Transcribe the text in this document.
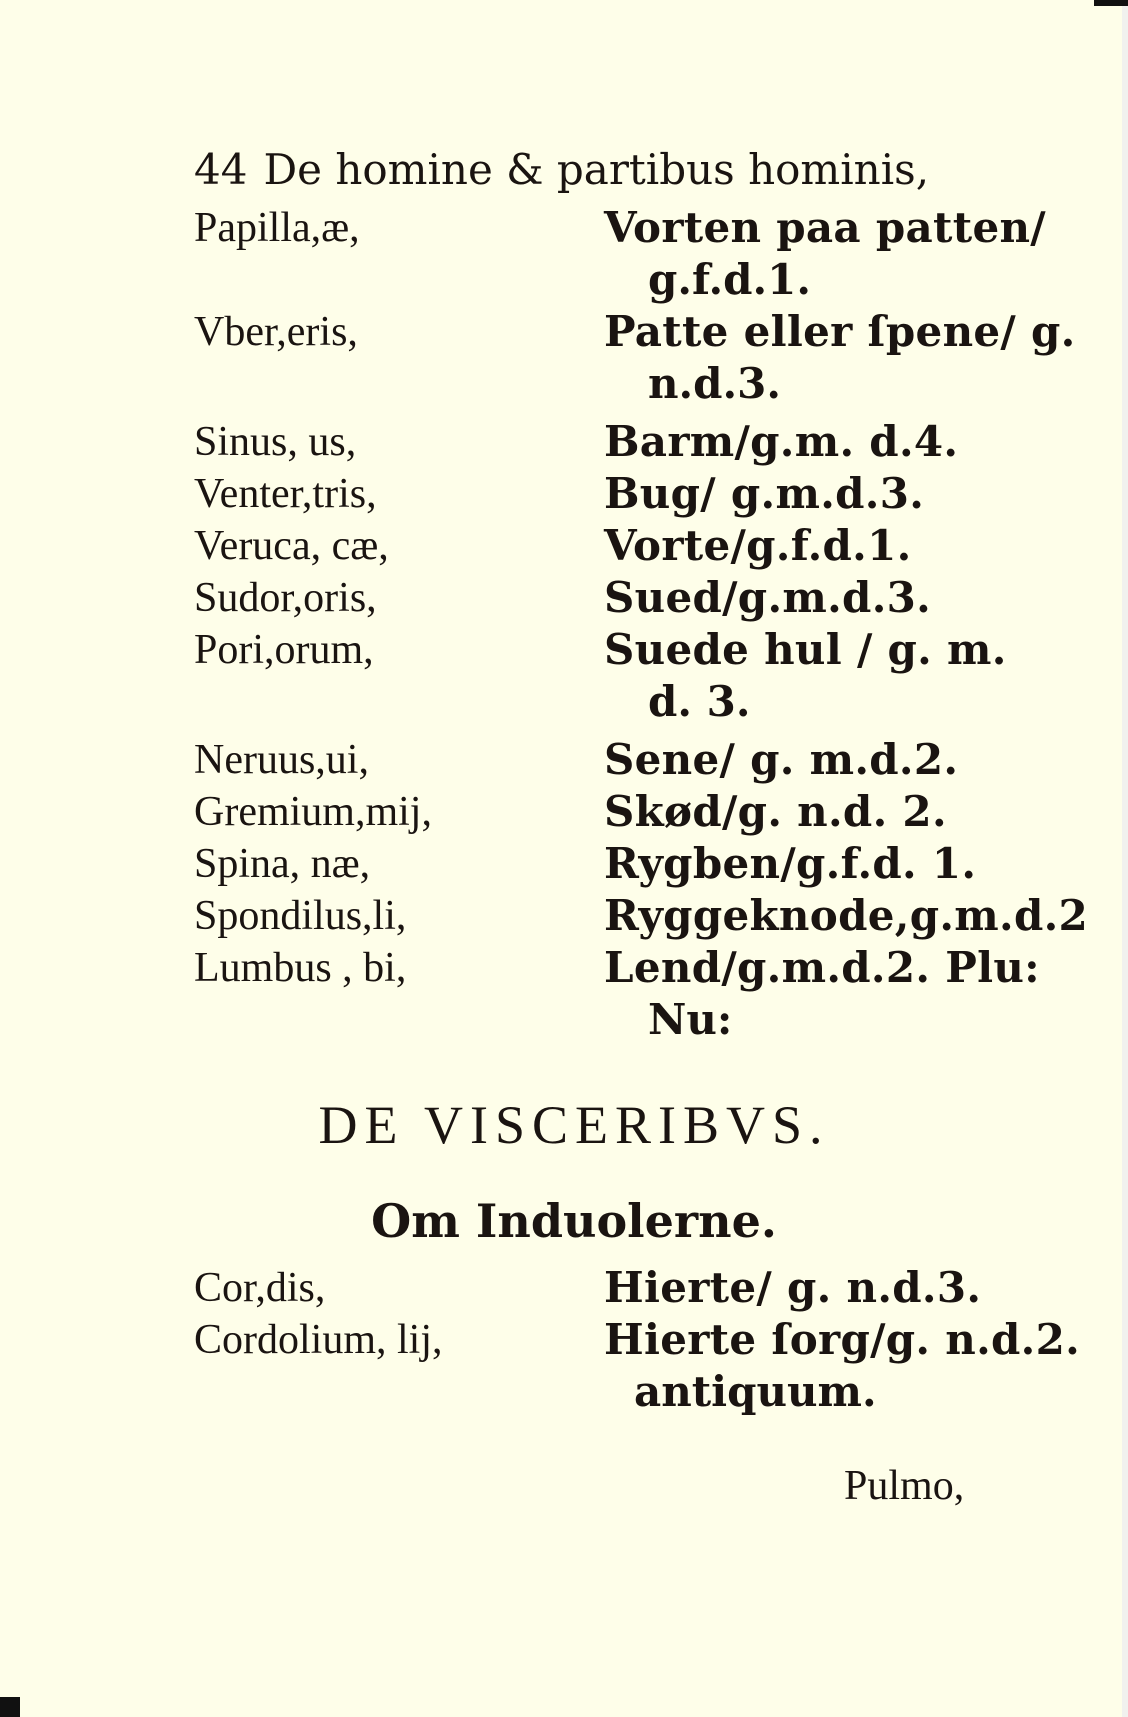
44 De homine & partibus hominis,
Papilla,æ,	Vorten paa patten/
g.f.d.1.
Vber,eris,	Patte eller ſpene/ g.
n.d.3.
Sinus, us,	Barm/g.m. d.4.
Venter,tris,	Bug/ g.m.d.3.
Veruca, cæ,	Vorte/g.f.d.1.
Sudor,oris,	Sued/g.m.d.3.
Pori,orum,	Suede hul / g. m.
d. 3.
Neruus,ui,	Sene/ g. m.d.2.
Gremium,mij,	Skød/g. n.d. 2.
Spina, næ,	Rygben/g.f.d. 1.
Spondilus,li,	Ryggeknode,g.m.d.2
Lumbus , bi,	Lend/g.m.d.2. Plu:
Nu:
DE VISCERIBVS.
Om Induolerne.
Cor,dis,	Hierte/ g. n.d.3.
Cordolium, lij,	Hierte ſorg/g. n.d.2.
antiquum.
Pulmo,
